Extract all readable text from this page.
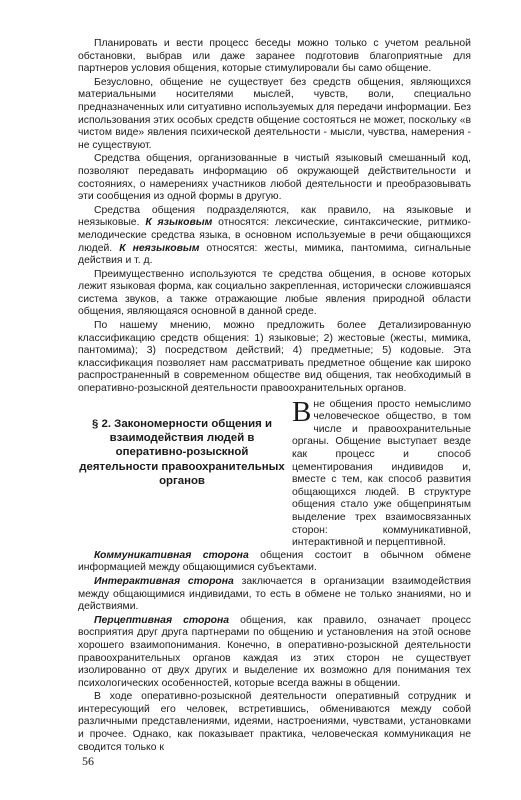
Планировать и вести процесс беседы можно только с учетом реальной обстановки, выбрав или даже заранее подготовив благоприятные для партнеров условия общения, которые стимулировали бы само общение.

Безусловно, общение не существует без средств общения, являющихся материальными носителями мыслей, чувств, воли, специально предназначенных или ситуативно используемых для передачи информации. Без использования этих особых средств общение состояться не может, поскольку «в чистом виде» явления психической деятельности - мысли, чувства, намерения - не существуют.

Средства общения, организованные в чистый языковый смешанный код, позволяют передавать информацию об окружающей действительности и состояниях, о намерениях участников любой деятельности и преобразовывать эти сообщения из одной формы в другую.

Средства общения подразделяются, как правило, на языковые и неязыковые. К языковым относятся: лексические, синтаксические, ритмико-мелодические средства языка, в основном используемые в речи общающихся людей. К неязыковым относятся: жесты, мимика, пантомима, сигнальные действия и т. д.

Преимущественно используются те средства общения, в основе которых лежит языковая форма, как социально закрепленная, исторически сложившаяся система звуков, а также отражающие любые явления природной области общения, являющаяся основной в данной среде.

По нашему мнению, можно предложить более Детализированную классификацию средств общения: 1) языковые; 2) жестовые (жесты, мимика, пантомима); 3) посредством действий; 4) предметные; 5) кодовые. Эта классификация позволяет нам рассматривать предметное общение как широко распространенный в современном обществе вид общения, так необходимый в оперативно-розыскной деятельности правоохранительных органов.

§ 2. Закономерности общения и взаимодействия людей в оперативно-розыскной деятельности правоохранительных органов
Вне общения просто немыслимо человеческое общество, в том числе и правоохранительные органы. Общение выступает везде как процесс и способ цементирования индивидов и, вместе с тем, как способ развития общающихся людей. В структуре общения стало уже общепринятым выделение трех взаимосвязанных сторон: коммуникативной, интерактивной и перцептивной.

Коммуникативная сторона общения состоит в обычном обмене информацией между общающимися субъектами.

Интерактивная сторона заключается в организации взаимодействия между общающимися индивидами, то есть в обмене не только знаниями, но и действиями.

Перцептивная сторона общения, как правило, означает процесс восприятия друг друга партнерами по общению и установления на этой основе хорошего взаимопонимания. Конечно, в оперативно-розыскной деятельности правоохранительных органов каждая из этих сторон не существует изолированно от двух других и выделение их возможно для понимания тех психологических особенностей, которые всегда важны в общении.

В ходе оперативно-розыскной деятельности оперативный сотрудник и интересующий его человек, встретившись, обмениваются между собой различными представлениями, идеями, настроениями, чувствами, установками и прочее. Однако, как показывает практика, человеческая коммуникация не сводится только к

56
